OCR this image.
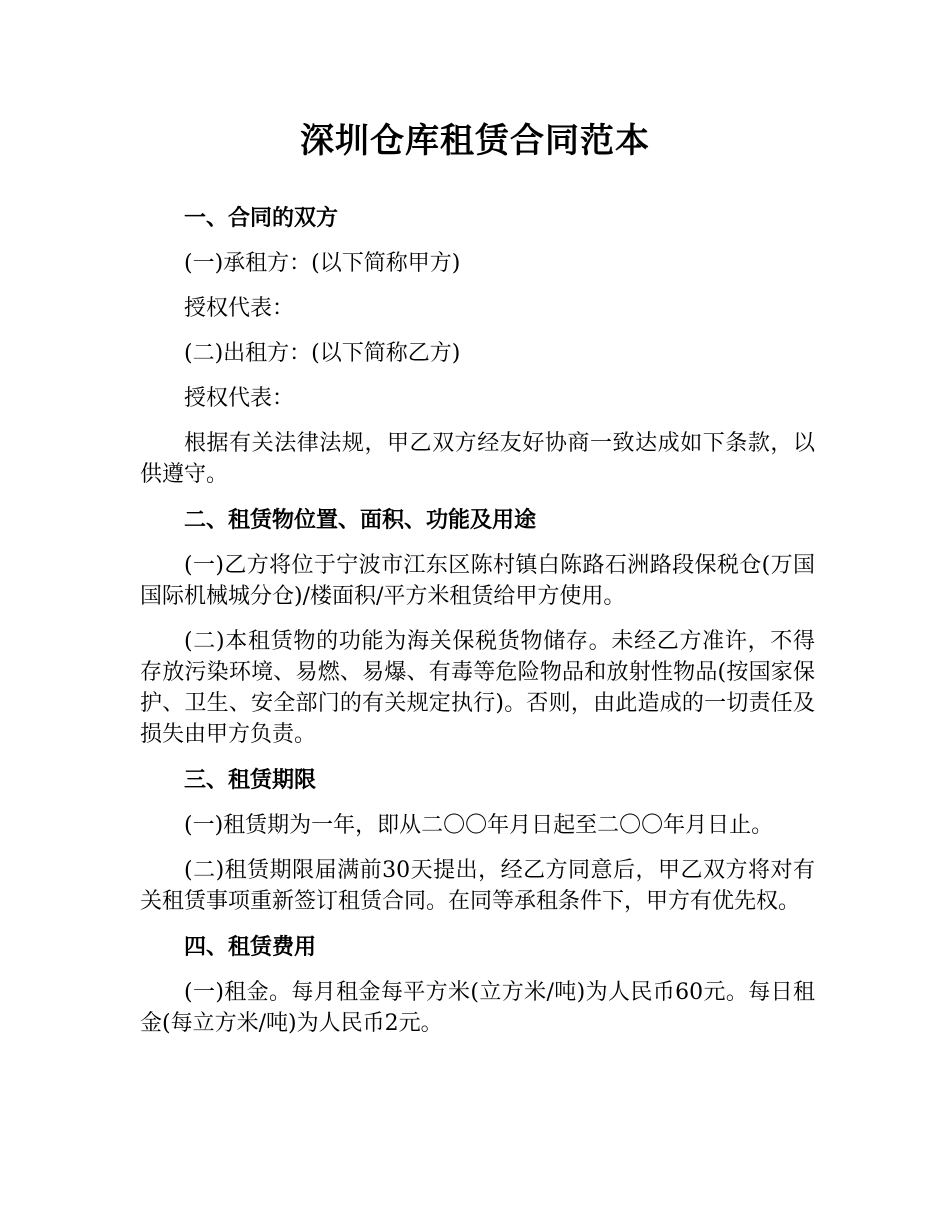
深圳仓库租赁合同范本
一、合同的双方
(一)承租方：(以下简称甲方)
授权代表：
(二)出租方：(以下简称乙方)
授权代表：
根据有关法律法规，甲乙双方经友好协商一致达成如下条款，以供遵守。
二、租赁物位置、面积、功能及用途
(一)乙方将位于宁波市江东区陈村镇白陈路石洲路段保税仓(万国国际机械城分仓)/楼面积/平方米租赁给甲方使用。
(二)本租赁物的功能为海关保税货物储存。未经乙方准许，不得存放污染环境、易燃、易爆、有毒等危险物品和放射性物品(按国家保护、卫生、安全部门的有关规定执行)。否则，由此造成的一切责任及损失由甲方负责。
三、租赁期限
(一)租赁期为一年，即从二〇〇年月日起至二〇〇年月日止。
(二)租赁期限届满前30天提出，经乙方同意后，甲乙双方将对有关租赁事项重新签订租赁合同。在同等承租条件下，甲方有优先权。
四、租赁费用
(一)租金。每月租金每平方米(立方米/吨)为人民币60元。每日租金(每立方米/吨)为人民币2元。
